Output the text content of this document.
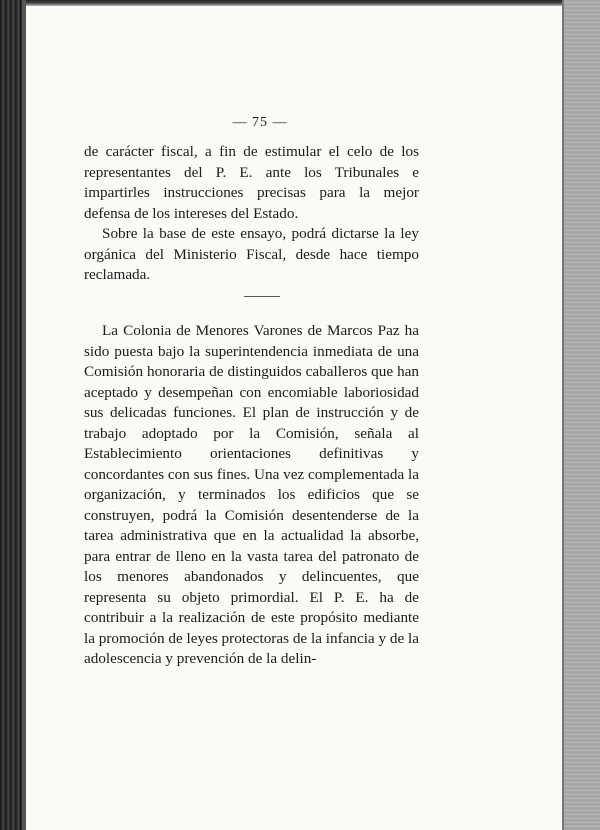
— 75 —

de carácter fiscal, a fin de estimular el celo de los representantes del P. E. ante los Tribunales e impartirles instrucciones precisas para la mejor defensa de los intereses del Estado.

Sobre la base de este ensayo, podrá dictarse la ley orgánica del Ministerio Fiscal, desde hace tiempo reclamada.

La Colonia de Menores Varones de Marcos Paz ha sido puesta bajo la superintendencia inmediata de una Comisión honoraria de distinguidos caballeros que han aceptado y desempeñan con encomiable laboriosidad sus delicadas funciones. El plan de instrucción y de trabajo adoptado por la Comisión, señala al Establecimiento orientaciones definitivas y concordantes con sus fines. Una vez complementada la organización, y terminados los edificios que se construyen, podrá la Comisión desentenderse de la tarea administrativa que en la actualidad la absorbe, para entrar de lleno en la vasta tarea del patronato de los menores abandonados y delincuentes, que representa su objeto primordial. El P. E. ha de contribuir a la realización de este propósito mediante la promoción de leyes protectoras de la infancia y de la adolescencia y prevención de la delin-
